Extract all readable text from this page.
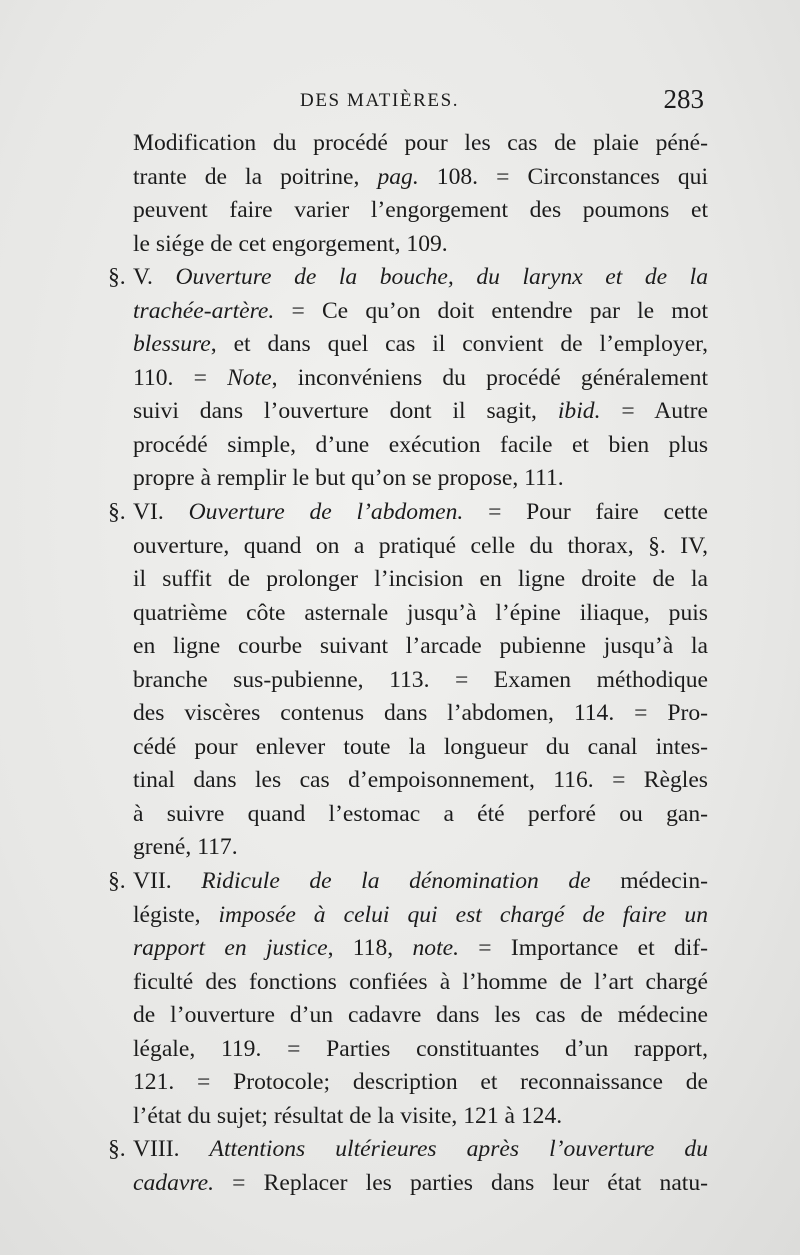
DES MATIÈRES.	283
Modification du procédé pour les cas de plaie péné-
trante de la poitrine, pag. 108. = Circonstances qui
peuvent faire varier l’engorgement des poumons et
le siége de cet engorgement, 109.
§. V. Ouverture de la bouche, du larynx et de la
trachée-artère. = Ce qu’on doit entendre par le mot
blessure, et dans quel cas il convient de l’employer,
110. = Note, inconvéniens du procédé généralement
suivi dans l’ouverture dont il sagit, ibid. = Autre
procédé simple, d’une exécution facile et bien plus
propre à remplir le but qu’on se propose, 111.
§. VI. Ouverture de l’abdomen. = Pour faire cette
ouverture, quand on a pratiqué celle du thorax, §. IV,
il suffit de prolonger l’incision en ligne droite de la
quatrième côte asternale jusqu’à l’épine iliaque, puis
en ligne courbe suivant l’arcade pubienne jusqu’à la
branche sus-pubienne, 113. = Examen méthodique
des viscères contenus dans l’abdomen, 114. = Pro-
cédé pour enlever toute la longueur du canal intes-
tinal dans les cas d’empoisonnement, 116. = Règles
à suivre quand l’estomac a été perforé ou gan-
grené, 117.
§. VII. Ridicule de la dénomination de médecin-
légiste, imposée à celui qui est chargé de faire un
rapport en justice, 118, note. = Importance et dif-
ficulté des fonctions confiées à l’homme de l’art chargé
de l’ouverture d’un cadavre dans les cas de médecine
légale, 119. = Parties constituantes d’un rapport,
121. = Protocole; description et reconnaissance de
l’état du sujet; résultat de la visite, 121 à 124.
§. VIII. Attentions ultérieures après l’ouverture du
cadavre. = Replacer les parties dans leur état natu-
